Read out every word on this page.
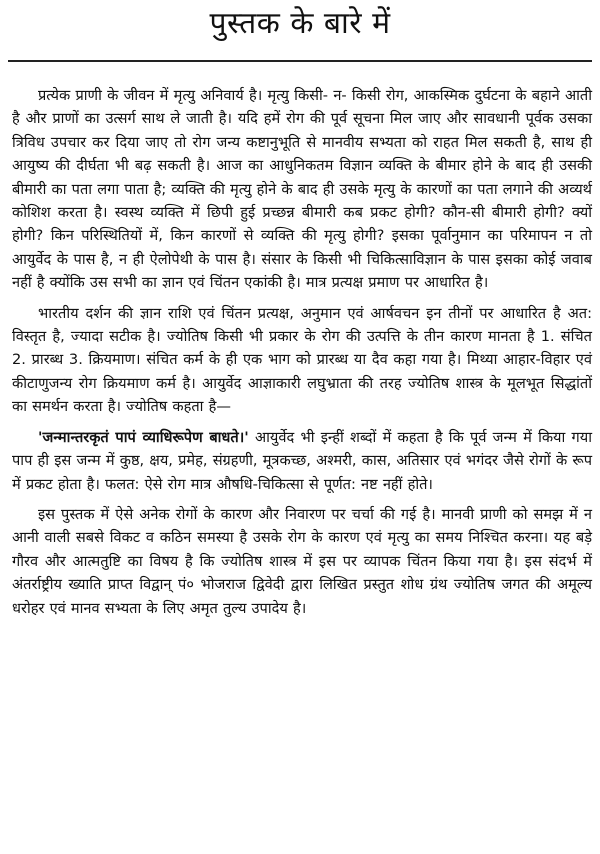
पुस्तक के बारे में

प्रत्येक प्राणी के जीवन में मृत्यु अनिवार्य है। मृत्यु किसी- न- किसी रोग, आकस्मिक दुर्घटना के बहाने आती है और प्राणों का उत्सर्ग साथ ले जाती है। यदि हमें रोग की पूर्व सूचना मिल जाए और सावधानी पूर्वक उसका त्रिविध उपचार कर दिया जाए तो रोग जन्य कष्टानुभूति से मानवीय सभ्यता को राहत मिल सकती है, साथ ही आयुष्य की दीर्घता भी बढ़ सकती है। आज का आधुनिकतम विज्ञान व्यक्ति के बीमार होने के बाद ही उसकी बीमारी का पता लगा पाता है; व्यक्ति की मृत्यु होने के बाद ही उसके मृत्यु के कारणों का पता लगाने की अव्यर्थ कोशिश करता है। स्वस्थ व्यक्ति में छिपी हुई प्रच्छन्न बीमारी कब प्रकट होगी? कौन-सी बीमारी होगी? क्यों होगी? किन परिस्थितियों में, किन कारणों से व्यक्ति की मृत्यु होगी? इसका पूर्वानुमान का परिमापन न तो आयुर्वेद के पास है, न ही ऐलोपेथी के पास है। संसार के किसी भी चिकित्साविज्ञान के पास इसका कोई जवाब नहीं है क्योंकि उस सभी का ज्ञान एवं चिंतन एकांकी है। मात्र प्रत्यक्ष प्रमाण पर आधारित है।

भारतीय दर्शन की ज्ञान राशि एवं चिंतन प्रत्यक्ष, अनुमान एवं आर्षवचन इन तीनों पर आधारित है अत: विस्तृत है, ज्यादा सटीक है। ज्योतिष किसी भी प्रकार के रोग की उत्पत्ति के तीन कारण मानता है 1. संचित 2. प्रारब्ध 3. क्रियमाण। संचित कर्म के ही एक भाग को प्रारब्ध या दैव कहा गया है। मिथ्या आहार-विहार एवं कीटाणुजन्य रोग क्रियमाण कर्म है। आयुर्वेद आज्ञाकारी लघुभ्राता की तरह ज्योतिष शास्त्र के मूलभूत सिद्धांतों का समर्थन करता है। ज्योतिष कहता है—

'जन्मान्तरकृतं पापं व्याधिरूपेण बाधते।' आयुर्वेद भी इन्हीं शब्दों में कहता है कि पूर्व जन्म में किया गया पाप ही इस जन्म में कुष्ठ, क्षय, प्रमेह, संग्रहणी, मूत्रकच्छ, अश्मरी, कास, अतिसार एवं भगंदर जैसे रोगों के रूप में प्रकट होता है। फलत: ऐसे रोग मात्र औषधि-चिकित्सा से पूर्णत: नष्ट नहीं होते।

इस पुस्तक में ऐसे अनेक रोगों के कारण और निवारण पर चर्चा की गई है। मानवी प्राणी को समझ में न आनी वाली सबसे विकट व कठिन समस्या है उसके रोग के कारण एवं मृत्यु का समय निश्चित करना। यह बड़े गौरव और आत्मतुष्टि का विषय है कि ज्योतिष शास्त्र में इस पर व्यापक चिंतन किया गया है। इस संदर्भ में अंतर्राष्ट्रीय ख्याति प्राप्त विद्वान् पं० भोजराज द्विवेदी द्वारा लिखित प्रस्तुत शोध ग्रंथ ज्योतिष जगत की अमूल्य धरोहर एवं मानव सभ्यता के लिए अमृत तुल्य उपादेय है।
